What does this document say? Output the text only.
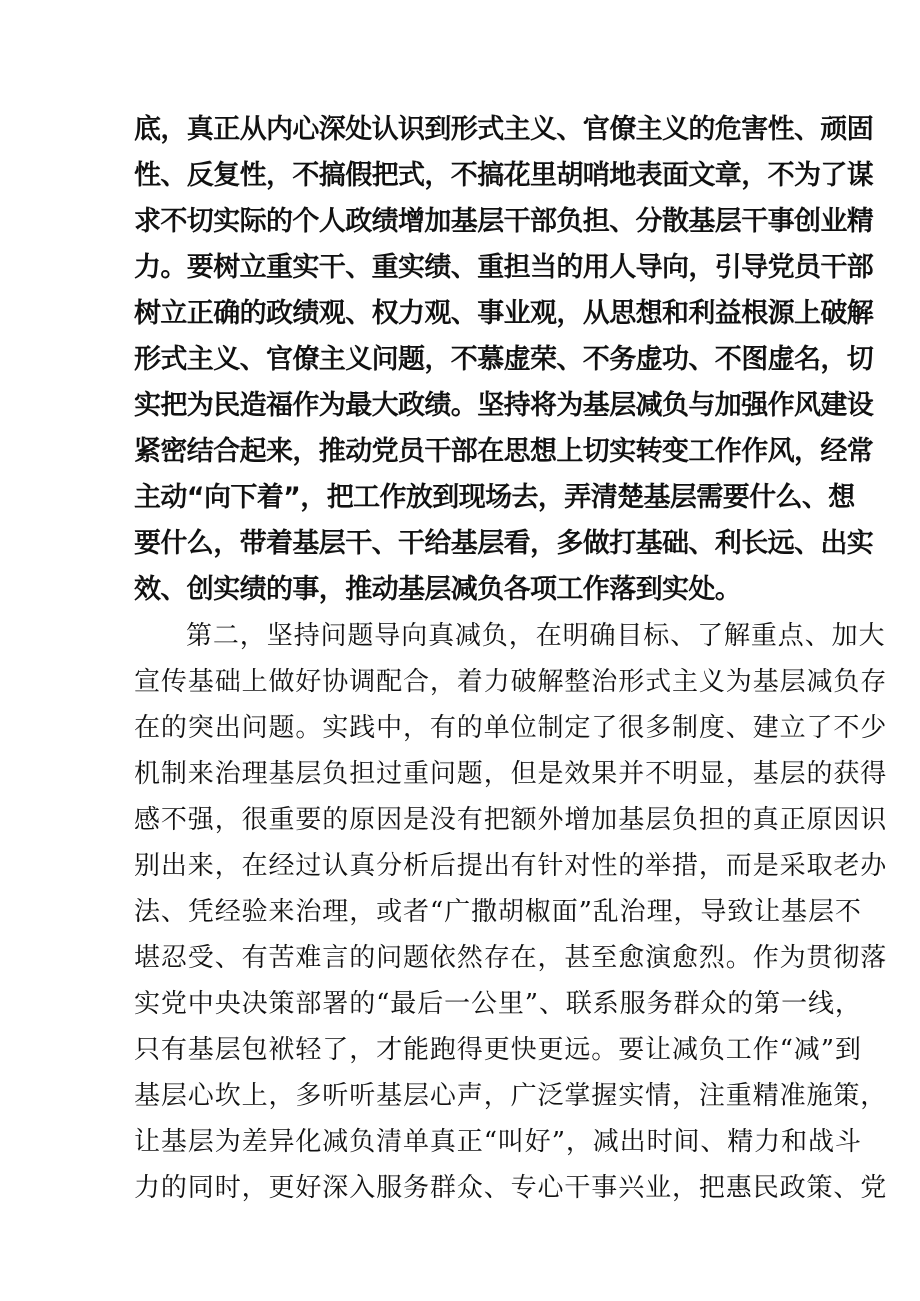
底，真正从内心深处认识到形式主义、官僚主义的危害性、顽固
性、反复性，不搞假把式，不搞花里胡哨地表面文章，不为了谋
求不切实际的个人政绩增加基层干部负担、分散基层干事创业精
力。要树立重实干、重实绩、重担当的用人导向，引导党员干部
树立正确的政绩观、权力观、事业观，从思想和利益根源上破解
形式主义、官僚主义问题，不慕虚荣、不务虚功、不图虚名，切
实把为民造福作为最大政绩。坚持将为基层减负与加强作风建设
紧密结合起来，推动党员干部在思想上切实转变工作作风，经常
主动“向下着”，把工作放到现场去，弄清楚基层需要什么、想
要什么，带着基层干、干给基层看，多做打基础、利长远、出实
效、创实绩的事，推动基层减负各项工作落到实处。
第二，坚持问题导向真减负，在明确目标、了解重点、加大
宣传基础上做好协调配合，着力破解整治形式主义为基层减负存
在的突出问题。实践中，有的单位制定了很多制度、建立了不少
机制来治理基层负担过重问题，但是效果并不明显，基层的获得
感不强，很重要的原因是没有把额外增加基层负担的真正原因识
别出来，在经过认真分析后提出有针对性的举措，而是采取老办
法、凭经验来治理，或者“广撒胡椒面”乱治理，导致让基层不
堪忍受、有苦难言的问题依然存在，甚至愈演愈烈。作为贯彻落
实党中央决策部署的“最后一公里”、联系服务群众的第一线，
只有基层包袱轻了，才能跑得更快更远。要让减负工作“减”到
基层心坎上，多听听基层心声，广泛掌握实情，注重精准施策，
让基层为差异化减负清单真正“叫好”，减出时间、精力和战斗
力的同时，更好深入服务群众、专心干事兴业，把惠民政策、党
